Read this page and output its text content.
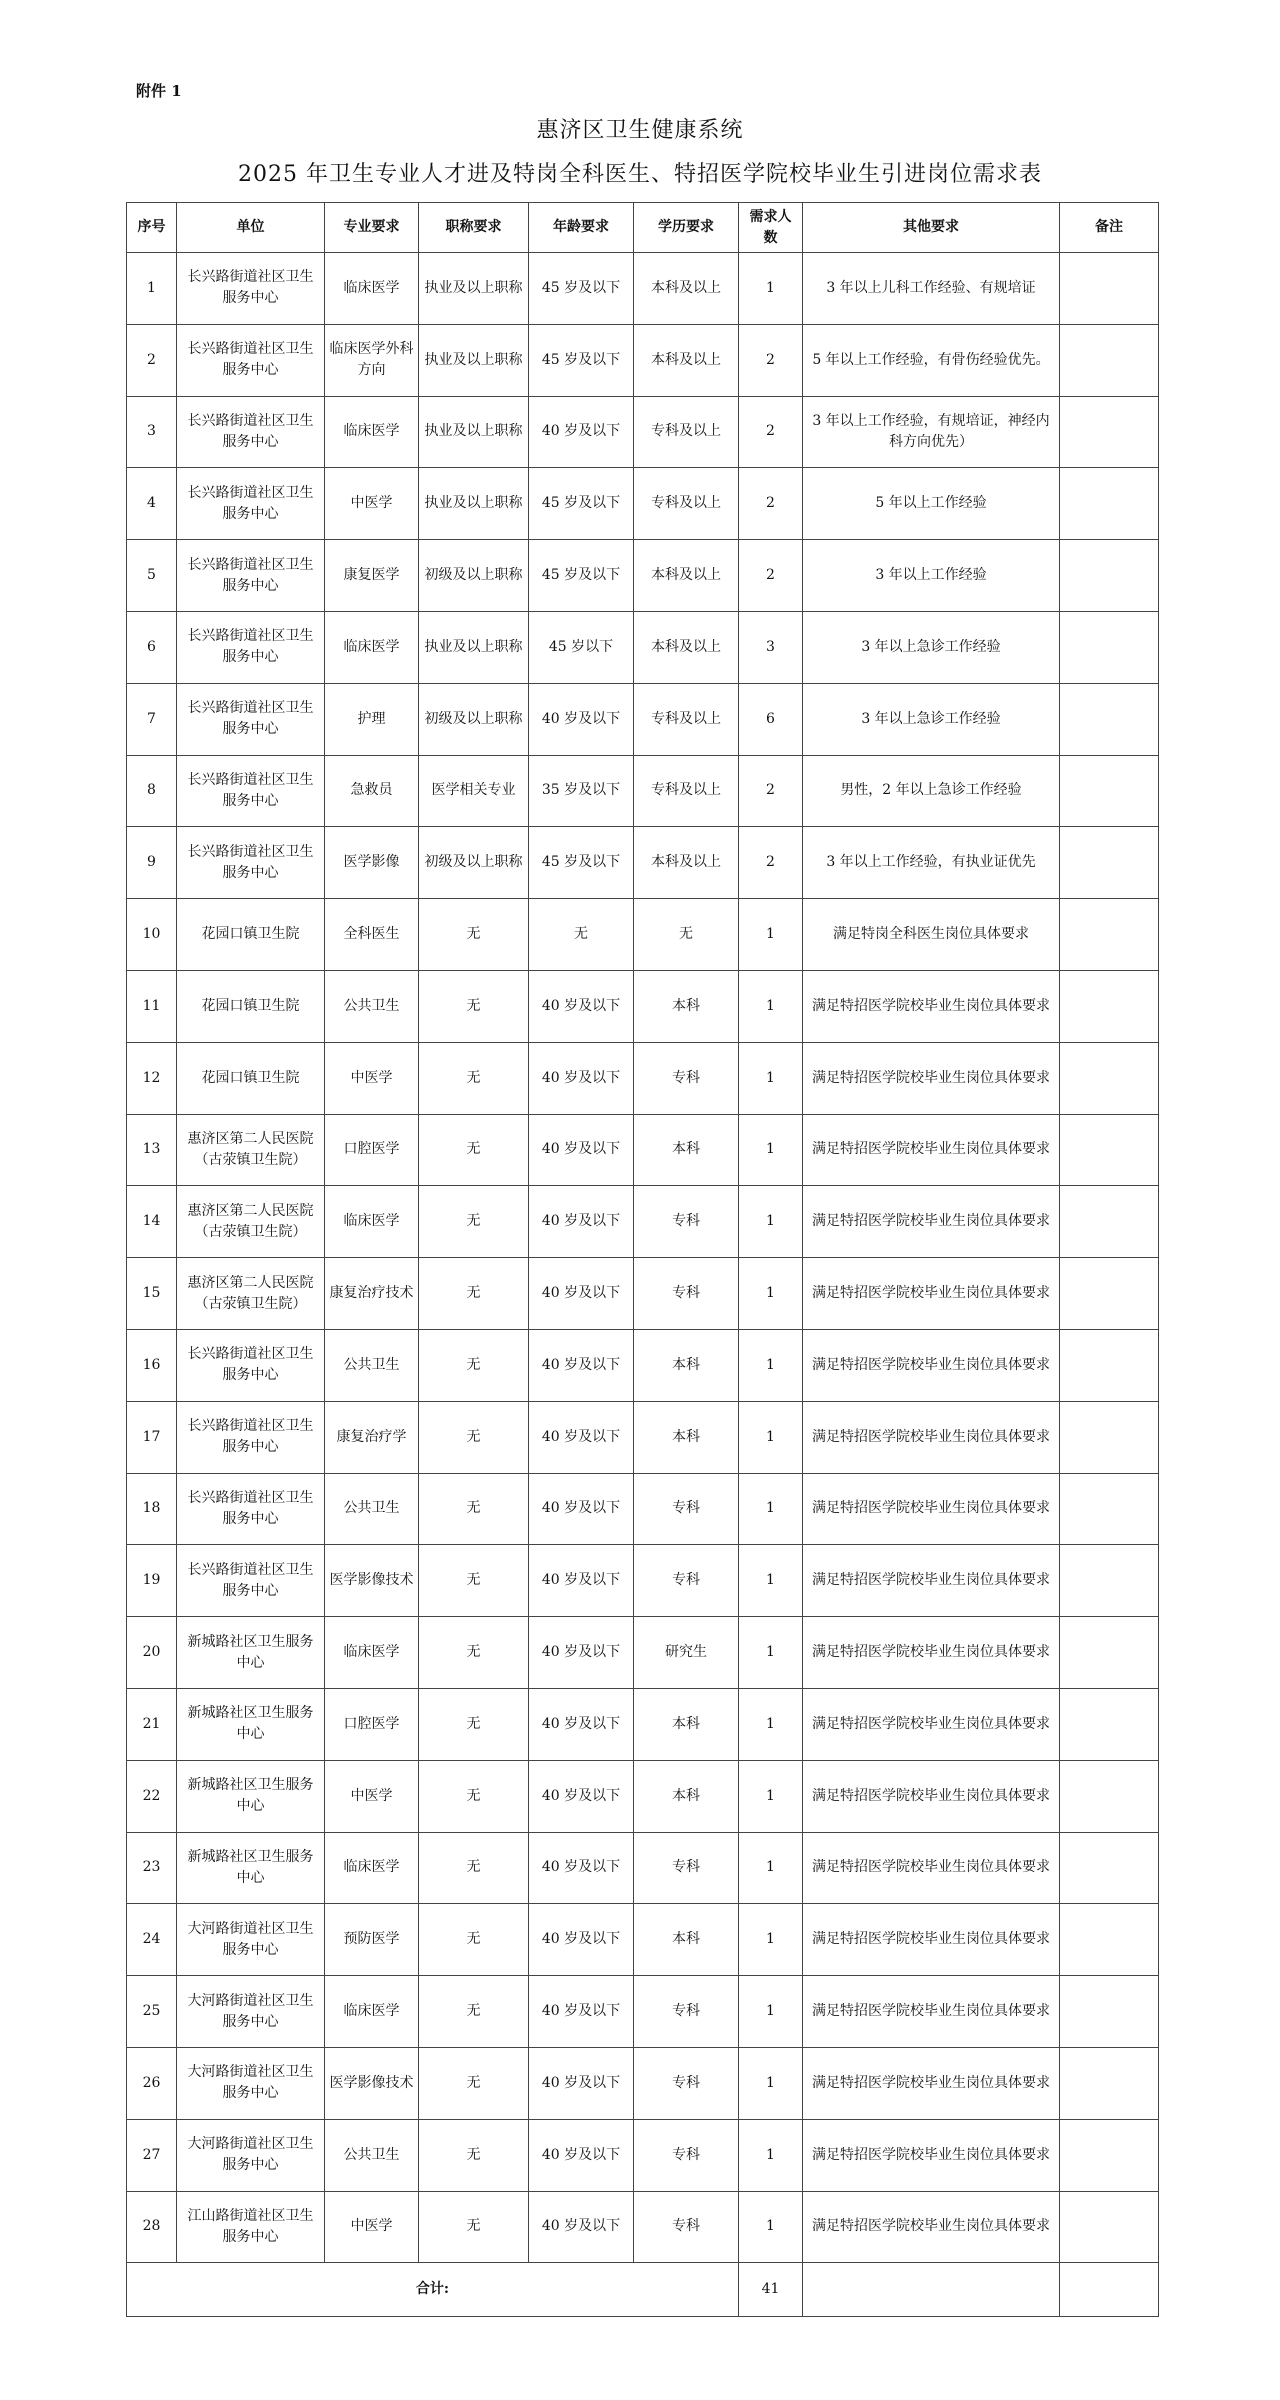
附件 1
惠济区卫生健康系统
2025 年卫生专业人才进及特岗全科医生、特招医学院校毕业生引进岗位需求表
序号	单位	专业要求	职称要求	年龄要求	学历要求	需求人数	其他要求	备注
1	长兴路街道社区卫生服务中心	临床医学	执业及以上职称	45 岁及以下	本科及以上	1	3 年以上儿科工作经验、有规培证	
2	长兴路街道社区卫生服务中心	临床医学外科方向	执业及以上职称	45 岁及以下	本科及以上	2	5 年以上工作经验，有骨伤经验优先。	
3	长兴路街道社区卫生服务中心	临床医学	执业及以上职称	40 岁及以下	专科及以上	2	3 年以上工作经验，有规培证，神经内科方向优先）	
4	长兴路街道社区卫生服务中心	中医学	执业及以上职称	45 岁及以下	专科及以上	2	5 年以上工作经验	
5	长兴路街道社区卫生服务中心	康复医学	初级及以上职称	45 岁及以下	本科及以上	2	3 年以上工作经验	
6	长兴路街道社区卫生服务中心	临床医学	执业及以上职称	45 岁以下	本科及以上	3	3 年以上急诊工作经验	
7	长兴路街道社区卫生服务中心	护理	初级及以上职称	40 岁及以下	专科及以上	6	3 年以上急诊工作经验	
8	长兴路街道社区卫生服务中心	急救员	医学相关专业	35 岁及以下	专科及以上	2	男性，2 年以上急诊工作经验	
9	长兴路街道社区卫生服务中心	医学影像	初级及以上职称	45 岁及以下	本科及以上	2	3 年以上工作经验，有执业证优先	
10	花园口镇卫生院	全科医生	无	无	无	1	满足特岗全科医生岗位具体要求	
11	花园口镇卫生院	公共卫生	无	40 岁及以下	本科	1	满足特招医学院校毕业生岗位具体要求	
12	花园口镇卫生院	中医学	无	40 岁及以下	专科	1	满足特招医学院校毕业生岗位具体要求	
13	惠济区第二人民医院（古荥镇卫生院）	口腔医学	无	40 岁及以下	本科	1	满足特招医学院校毕业生岗位具体要求	
14	惠济区第二人民医院（古荥镇卫生院）	临床医学	无	40 岁及以下	专科	1	满足特招医学院校毕业生岗位具体要求	
15	惠济区第二人民医院（古荥镇卫生院）	康复治疗技术	无	40 岁及以下	专科	1	满足特招医学院校毕业生岗位具体要求	
16	长兴路街道社区卫生服务中心	公共卫生	无	40 岁及以下	本科	1	满足特招医学院校毕业生岗位具体要求	
17	长兴路街道社区卫生服务中心	康复治疗学	无	40 岁及以下	本科	1	满足特招医学院校毕业生岗位具体要求	
18	长兴路街道社区卫生服务中心	公共卫生	无	40 岁及以下	专科	1	满足特招医学院校毕业生岗位具体要求	
19	长兴路街道社区卫生服务中心	医学影像技术	无	40 岁及以下	专科	1	满足特招医学院校毕业生岗位具体要求	
20	新城路社区卫生服务中心	临床医学	无	40 岁及以下	研究生	1	满足特招医学院校毕业生岗位具体要求	
21	新城路社区卫生服务中心	口腔医学	无	40 岁及以下	本科	1	满足特招医学院校毕业生岗位具体要求	
22	新城路社区卫生服务中心	中医学	无	40 岁及以下	本科	1	满足特招医学院校毕业生岗位具体要求	
23	新城路社区卫生服务中心	临床医学	无	40 岁及以下	专科	1	满足特招医学院校毕业生岗位具体要求	
24	大河路街道社区卫生服务中心	预防医学	无	40 岁及以下	本科	1	满足特招医学院校毕业生岗位具体要求	
25	大河路街道社区卫生服务中心	临床医学	无	40 岁及以下	专科	1	满足特招医学院校毕业生岗位具体要求	
26	大河路街道社区卫生服务中心	医学影像技术	无	40 岁及以下	专科	1	满足特招医学院校毕业生岗位具体要求	
27	大河路街道社区卫生服务中心	公共卫生	无	40 岁及以下	专科	1	满足特招医学院校毕业生岗位具体要求	
28	江山路街道社区卫生服务中心	中医学	无	40 岁及以下	专科	1	满足特招医学院校毕业生岗位具体要求	
合计:						41		
